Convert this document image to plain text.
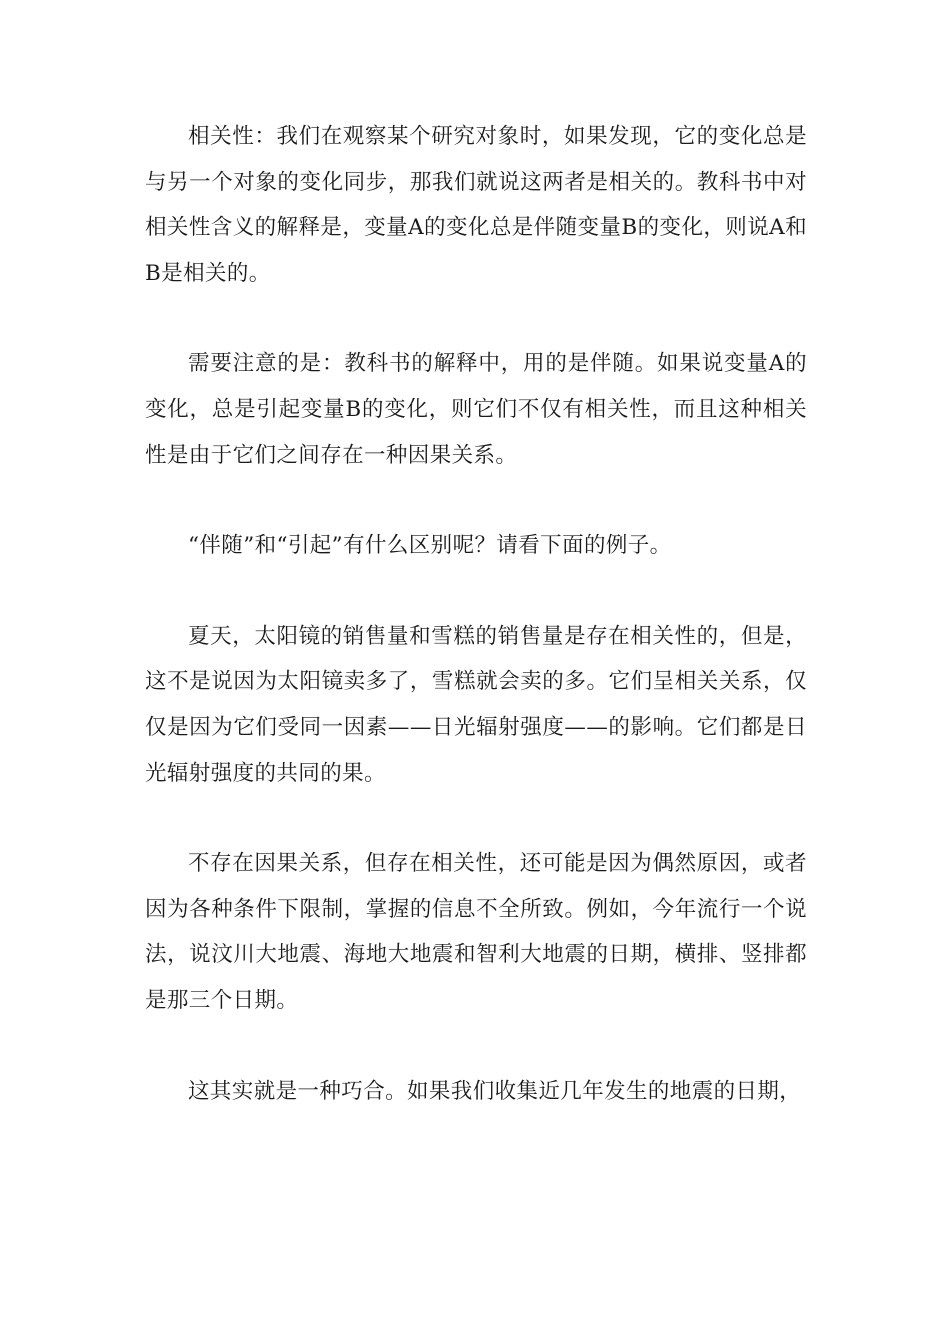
相关性：我们在观察某个研究对象时，如果发现，它的变化总是与另一个对象的变化同步，那我们就说这两者是相关的。教科书中对相关性含义的解释是，变量A的变化总是伴随变量B的变化，则说A和B是相关的。

需要注意的是：教科书的解释中，用的是伴随。如果说变量A的变化，总是引起变量B的变化，则它们不仅有相关性，而且这种相关性是由于它们之间存在一种因果关系。

“伴随”和“引起”有什么区别呢？请看下面的例子。

夏天，太阳镜的销售量和雪糕的销售量是存在相关性的，但是，这不是说因为太阳镜卖多了，雪糕就会卖的多。它们呈相关关系，仅仅是因为它们受同一因素——日光辐射强度——的影响。它们都是日光辐射强度的共同的果。

不存在因果关系，但存在相关性，还可能是因为偶然原因，或者因为各种条件下限制，掌握的信息不全所致。例如，今年流行一个说法，说汶川大地震、海地大地震和智利大地震的日期，横排、竖排都是那三个日期。

这其实就是一种巧合。如果我们收集近几年发生的地震的日期，
